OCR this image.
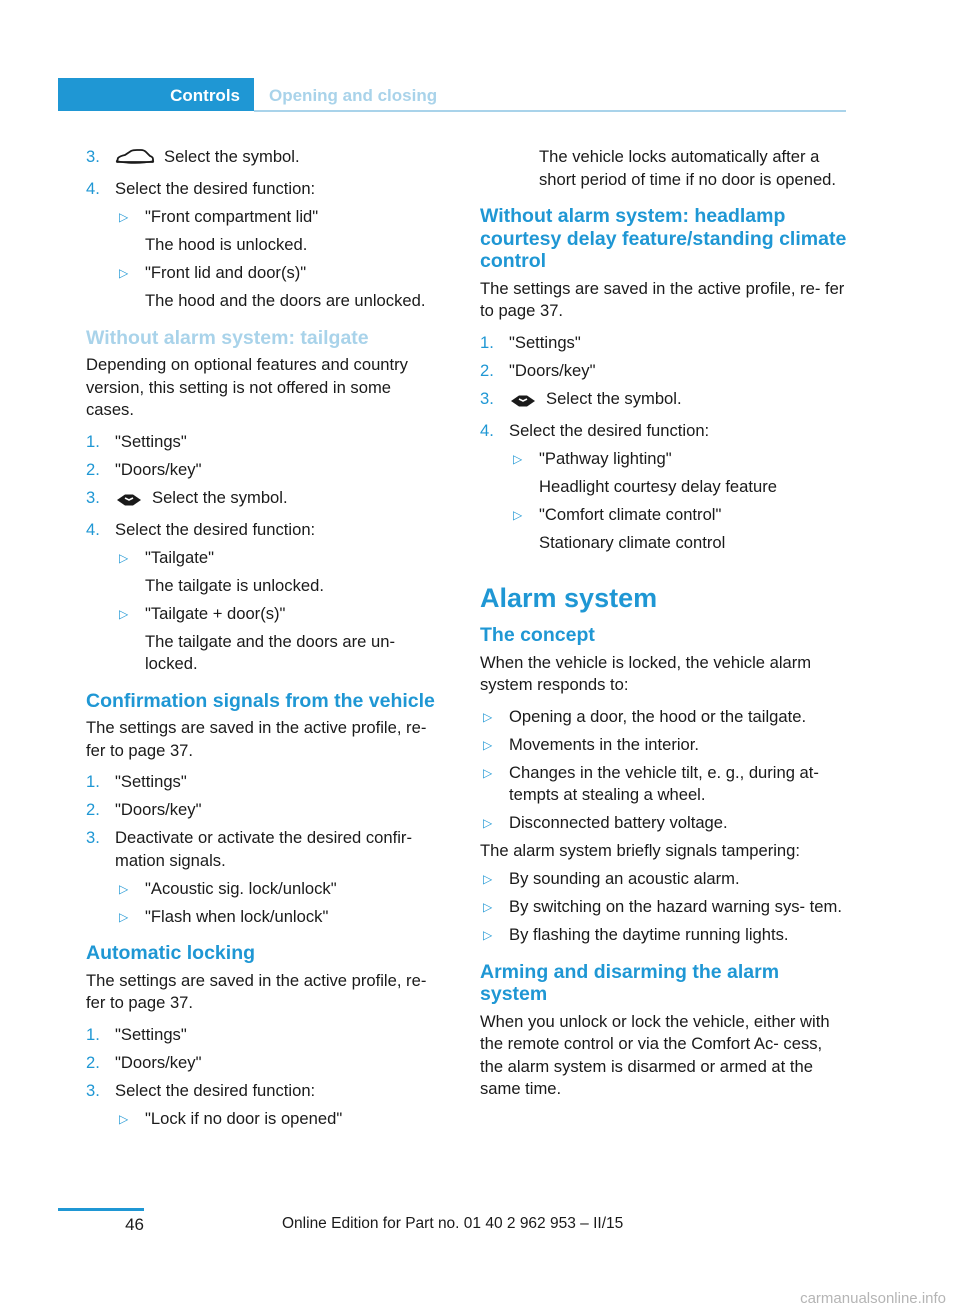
Controls	Opening and closing
3.	Select the symbol.
4. Select the desired function:
▷ "Front compartment lid"
The hood is unlocked.
▷ "Front lid and door(s)"
The hood and the doors are unlocked.
Without alarm system: tailgate
Depending on optional features and country version, this setting is not offered in some cases.
1. "Settings"
2. "Doors/key"
3.	Select the symbol.
4. Select the desired function:
▷ "Tailgate"
The tailgate is unlocked.
▷ "Tailgate + door(s)"
The tailgate and the doors are un‐ locked.
Confirmation signals from the vehicle
The settings are saved in the active profile, re‐ fer to page 37.
1. "Settings"
2. "Doors/key"
3. Deactivate or activate the desired confir‐ mation signals.
▷ "Acoustic sig. lock/unlock"
▷ "Flash when lock/unlock"
Automatic locking
The settings are saved in the active profile, re‐ fer to page 37.
1. "Settings"
2. "Doors/key"
3. Select the desired function:
▷ "Lock if no door is opened"
The vehicle locks automatically after a short period of time if no door is opened.
Without alarm system: headlamp courtesy delay feature/standing climate control
The settings are saved in the active profile, re‐ fer to page 37.
1. "Settings"
2. "Doors/key"
3.	Select the symbol.
4. Select the desired function:
▷ "Pathway lighting"
Headlight courtesy delay feature
▷ "Comfort climate control"
Stationary climate control
Alarm system
The concept
When the vehicle is locked, the vehicle alarm system responds to:
▷ Opening a door, the hood or the tailgate.
▷ Movements in the interior.
▷ Changes in the vehicle tilt, e. g., during at‐ tempts at stealing a wheel.
▷ Disconnected battery voltage.
The alarm system briefly signals tampering:
▷ By sounding an acoustic alarm.
▷ By switching on the hazard warning sys‐ tem.
▷ By flashing the daytime running lights.
Arming and disarming the alarm system
When you unlock or lock the vehicle, either with the remote control or via the Comfort Ac‐ cess, the alarm system is disarmed or armed at the same time.
46	Online Edition for Part no. 01 40 2 962 953 – II/15
carmanualsonline.info
